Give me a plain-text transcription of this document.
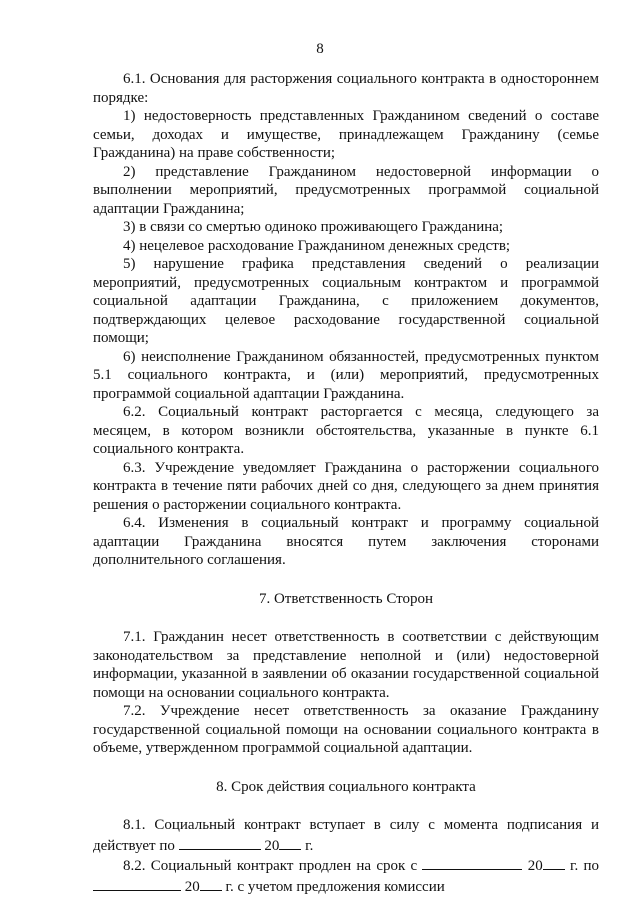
8

6.1. Основания для расторжения социального контракта в одностороннем порядке:

1) недостоверность представленных Гражданином сведений о составе семьи, доходах и имуществе, принадлежащем Гражданину (семье Гражданина) на праве собственности;

2) представление Гражданином недостоверной информации о выполнении мероприятий, предусмотренных программой социальной адаптации Гражданина;

3) в связи со смертью одиноко проживающего Гражданина;

4) нецелевое расходование Гражданином денежных средств;

5) нарушение графика представления сведений о реализации мероприятий, предусмотренных социальным контрактом и программой социальной адаптации Гражданина, с приложением документов, подтверждающих целевое расходование государственной социальной помощи;

6) неисполнение Гражданином обязанностей, предусмотренных пунктом 5.1 социального контракта, и (или) мероприятий, предусмотренных программой социальной адаптации Гражданина.

6.2. Социальный контракт расторгается с месяца, следующего за месяцем, в котором возникли обстоятельства, указанные в пункте 6.1 социального контракта.

6.3. Учреждение уведомляет Гражданина о расторжении социального контракта в течение пяти рабочих дней со дня, следующего за днем принятия решения о расторжении социального контракта.

6.4. Изменения в социальный контракт и программу социальной адаптации Гражданина вносятся путем заключения сторонами дополнительного соглашения.

7. Ответственность Сторон

7.1. Гражданин несет ответственность в соответствии с действующим законодательством за представление неполной и (или) недостоверной информации, указанной в заявлении об оказании государственной социальной помощи на основании социального контракта.

7.2. Учреждение несет ответственность за оказание Гражданину государственной социальной помощи на основании социального контракта в объеме, утвержденном программой социальной адаптации.

8. Срок действия социального контракта

8.1. Социальный контракт вступает в силу с момента подписания и действует по	20 г.

8.2. Социальный контракт продлен на срок с	20 г. по  20 г. с учетом предложения комиссии
